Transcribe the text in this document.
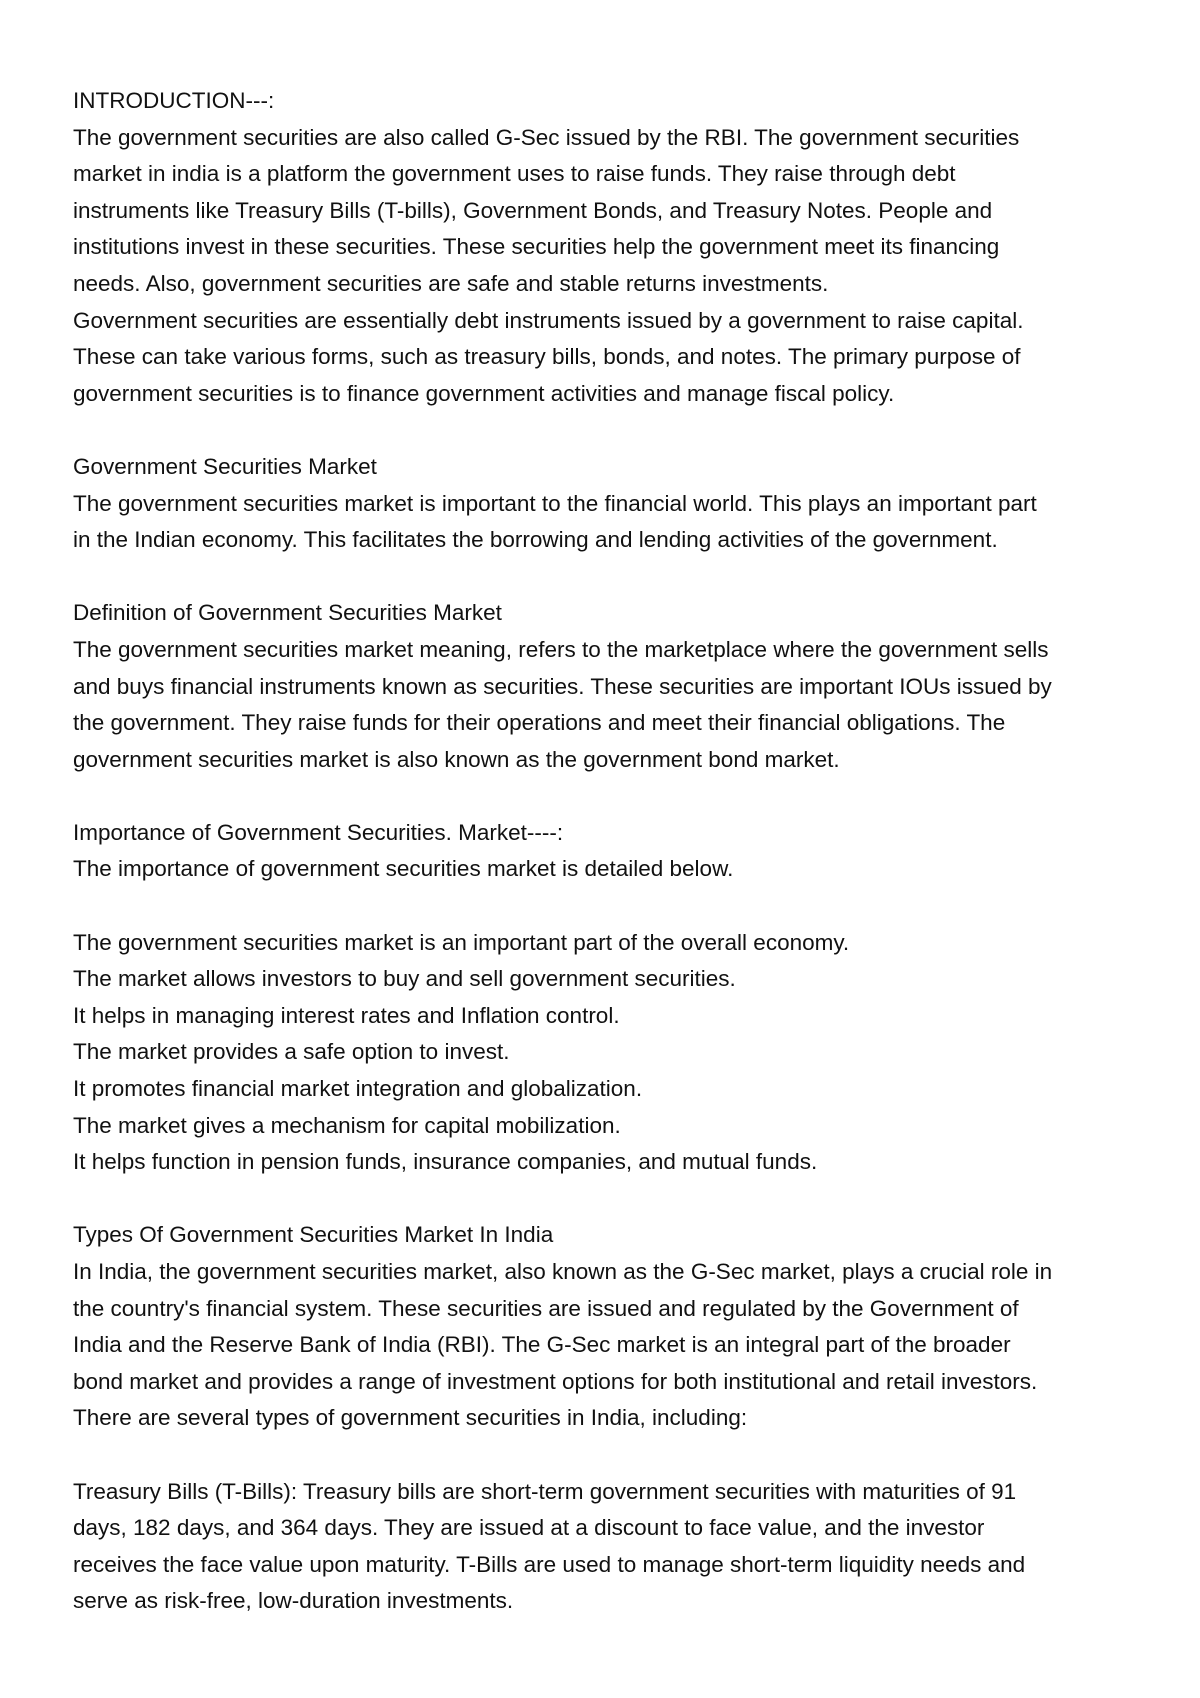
INTRODUCTION---:
The government securities are also called G-Sec issued by the RBI. The government securities
market in india is a platform the government uses to raise funds. They raise through debt
instruments like Treasury Bills (T-bills), Government Bonds, and Treasury Notes. People and
institutions invest in these securities. These securities help the government meet its financing
needs. Also, government securities are safe and stable returns investments.
Government securities are essentially debt instruments issued by a government to raise capital.
These can take various forms, such as treasury bills, bonds, and notes. The primary purpose of
government securities is to finance government activities and manage fiscal policy.
Government Securities Market
The government securities market is important to the financial world. This plays an important part
in the Indian economy. This facilitates the borrowing and lending activities of the government.
Definition of Government Securities Market
The government securities market meaning, refers to the marketplace where the government sells
and buys financial instruments known as securities. These securities are important IOUs issued by
the government. They raise funds for their operations and meet their financial obligations. The
government securities market is also known as the government bond market.
Importance of Government Securities. Market----:
The importance of government securities market is detailed below.
The government securities market is an important part of the overall economy.
The market allows investors to buy and sell government securities.
It helps in managing interest rates and Inflation control.
The market provides a safe option to invest.
It promotes financial market integration and globalization.
The market gives a mechanism for capital mobilization.
It helps function in pension funds, insurance companies, and mutual funds.
Types Of Government Securities Market In India
In India, the government securities market, also known as the G-Sec market, plays a crucial role in
the country's financial system. These securities are issued and regulated by the Government of
India and the Reserve Bank of India (RBI). The G-Sec market is an integral part of the broader
bond market and provides a range of investment options for both institutional and retail investors.
There are several types of government securities in India, including:
Treasury Bills (T-Bills): Treasury bills are short-term government securities with maturities of 91
days, 182 days, and 364 days. They are issued at a discount to face value, and the investor
receives the face value upon maturity. T-Bills are used to manage short-term liquidity needs and
serve as risk-free, low-duration investments.
